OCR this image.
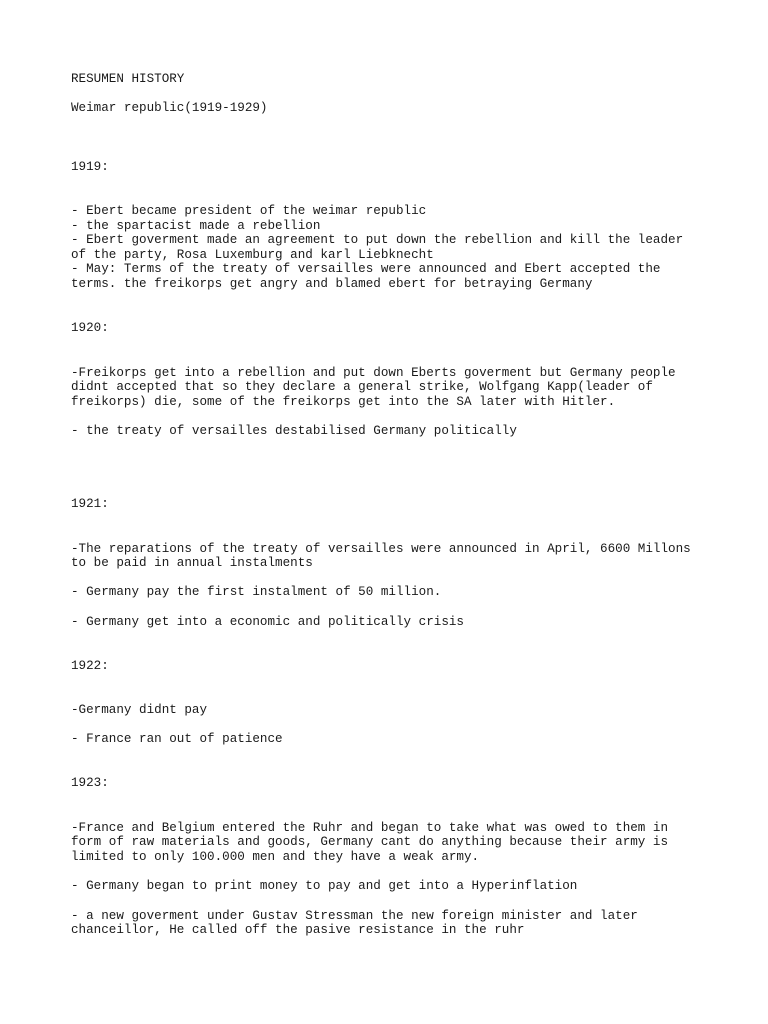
RESUMEN HISTORY

Weimar republic(1919-1929)

1919:

- Ebert became president of the weimar republic

- the spartacist made a rebellion

- Ebert goverment made an agreement to put down the rebellion and kill the leader

of the party, Rosa Luxemburg and karl Liebknecht

- May: Terms of the treaty of versailles were announced and Ebert accepted the

terms. the freikorps get angry and blamed ebert for betraying Germany

1920:

-Freikorps get into a rebellion and put down Eberts goverment but Germany people

didnt accepted that so they declare a general strike, Wolfgang Kapp(leader of

freikorps) die, some of the freikorps get into the SA later with Hitler.

- the treaty of versailles destabilised Germany politically

1921:

-The reparations of the treaty of versailles were announced in April, 6600 Millons

to be paid in annual instalments

- Germany pay the first instalment of 50 million.

- Germany get into a economic and politically crisis

1922:

-Germany didnt pay

- France ran out of patience

1923:

-France and Belgium entered the Ruhr and began to take what was owed to them in

form of raw materials and goods, Germany cant do anything because their army is

limited to only 100.000 men and they have a weak army.

- Germany began to print money to pay and get into a Hyperinflation

- a new goverment under Gustav Stressman the new foreign minister and later

chanceillor, He called off the pasive resistance in the ruhr
